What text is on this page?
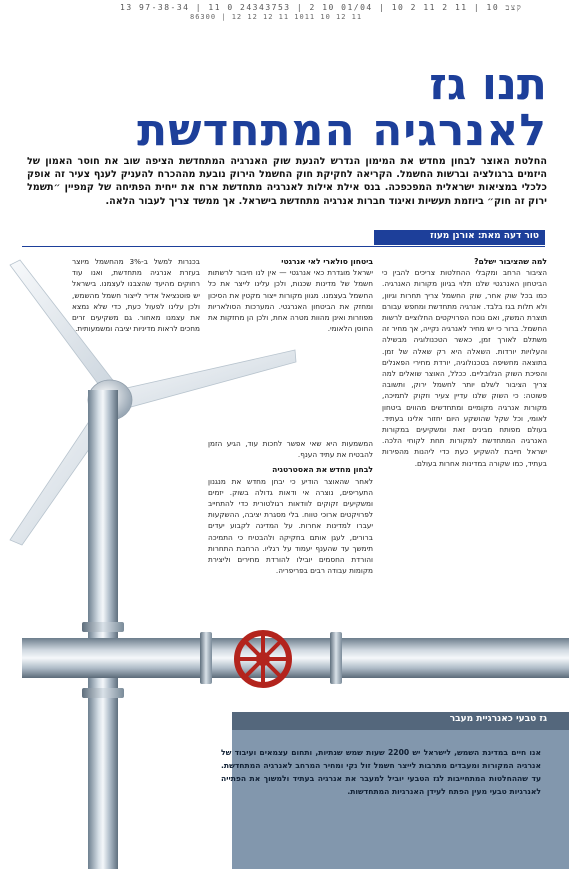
13 97-38-34 | 11 קצב 10 | 11 2 11 2 10 | 01/04 10 2 | 24343753 0
86300 | 12 12 12 11 1011 10 12 11
תנו גז
לאנרגיה המתחדשת
החלטת האוצר לבחון מחדש את המימון הנדרש להנעת שוק האנרגיה המתחדשת הציפה שוב את חוסר האמון של היזמים ברגולציה וברשות החשמל. הקריאה לחקיקת חוק החשמל הירוק נובעת מההכרח להעניק לענף צעיר זה אופק כלכלי במציאות ישראלית המפכפכה. בנס אילת אילות לאנרגיה מתחדשת ארח את ייחית הפתיחה של קמפיין ״תשמל ירוק זה חוק״ ביוזמת תעשיות ואיגוד חברות אנרגיה מתחדשת בישראל. אך ממשד צריך לעבור הלאה.
טור דעה מאת: אורנן מעוז
למה שהציבור ישלם?

הציבור הרחב ומקבלי ההחלטות צריכים להבין כי הביטחון האנרגטי שלנו תלוי בגיוון מקורות האנרגיה. כמו בכל שוק אחר, שוק החשמל צריך תחרות וגיוון, ולא תלות בגז בלבד. אנרגיה מתחדשת ומחפש עבורם תוצרת המשק, ואם נוכח הפרויקטים החלוציים לרשות החשמל. ברור כי יש מחיר לאנרגיה נקייה, אך מחיר זה משתלם לאורך זמן, כאשר הטכנולוגיה מבשילה והעלויות יורדות. השאלה היא רק שאלה של זמן. בתוצאה מחשיפה בטכנולוגיה, יורדת מחירי הפאנלים והפיכת השוק הגלובליים. ככלל, האוצר שואלים למה צריך הציבור לשלם יותר לחשמל ירוק, ותשובה פשוטה: כי השוק שלנו עדיין צעיר וזקוק לתמיכה, מקורות אנרגיה מקומיים ומתחדשים מהווים ביטחון לאומי, וכל שקל שהושקע היום יחזור אלינו בעתיד. בעולם מפותח מבינים זאת ומשקיעים במקורות האנרגיה המתחדשת למקורות תחת לקוחי הלכה. ישראל חייבת להשקיע כעת כדי ליהנות מהפירות בעתיד, כמו שקורה במדינות אחרות בעולם.

ביטחון סולארי לאי אנרגטי

ישראל מוגדרת כאי אנרגטי — אין לנו חיבור לרשתות חשמל של מדינות שכנות, ולכן עלינו לייצר את כל החשמל בעצמנו. מגוון מקורות ייצור מקטין את הסיכון ומחזק את הביטחון האנרגטי. המערכות הסולאריות מפוזרות ואינן מהוות מטרה אחת, ולכן הן מחזקות את החוסן הלאומי.

המשמעות היא שאי אפשר לחכות עוד, הגיע הזמן להבטיח את עתיד הענף.

לבחון מחדש את האסטרטגיה

לאחר שהאוצר הודיע כי יבחן מחדש את מנגנון התעריפים, נוצרה אי ודאות גדולה בשוק. יזמים ומשקיעים זקוקים לוודאות רגולטורית כדי להתחייב לפרויקטים ארוכי טווח. בלי מסגרת יציבה, ההשקעות יעברו למדינות אחרות. על המדינה לקבוע יעדים ברורים, לעגן אותם בחקיקה ולהבטיח כי התמיכה תימשך עד שהענף יעמוד על רגליו. הרחבת התחרות והורדת החסמים יובילו להורדת מחירים וליצירת מקומות עבודה רבים בפריפריה.

בכנרות למשל ב-3% מהחשמל מיוצר בעזרת אנרגיה מתחדשת, ואנו עוד רחוקים מהיעד שהצבנו לעצמנו. בישראל יש פוטנציאל אדיר לייצור חשמל מהשמש, ולכן עלינו לפעול כעת, כדי שלא נמצא את עצמנו מאחור. גם משקיעים זרים מחכים לראות מדיניות יציבה ומשמעותית.

גז טבעי כאנרגיית מעבר
אנו חיים במדינת השמש, לישראל יש 2200 שעות שמש שנתיות, ותחום עצמאים ועיבוד של אנרגיה המקורות ומעבדים מתרבות לייצר חשמל זול נקי ומחיר המרחב לאנרגיה המתחדשת. עד שההחלטות המתחייבות לגז הטבעי יוביל למעבר את אנרגיה בעתיד ולמשוך את הפתייה לאנרגיות טבעי מעין הפתח לעידן האנרגיות המתחדשות.
